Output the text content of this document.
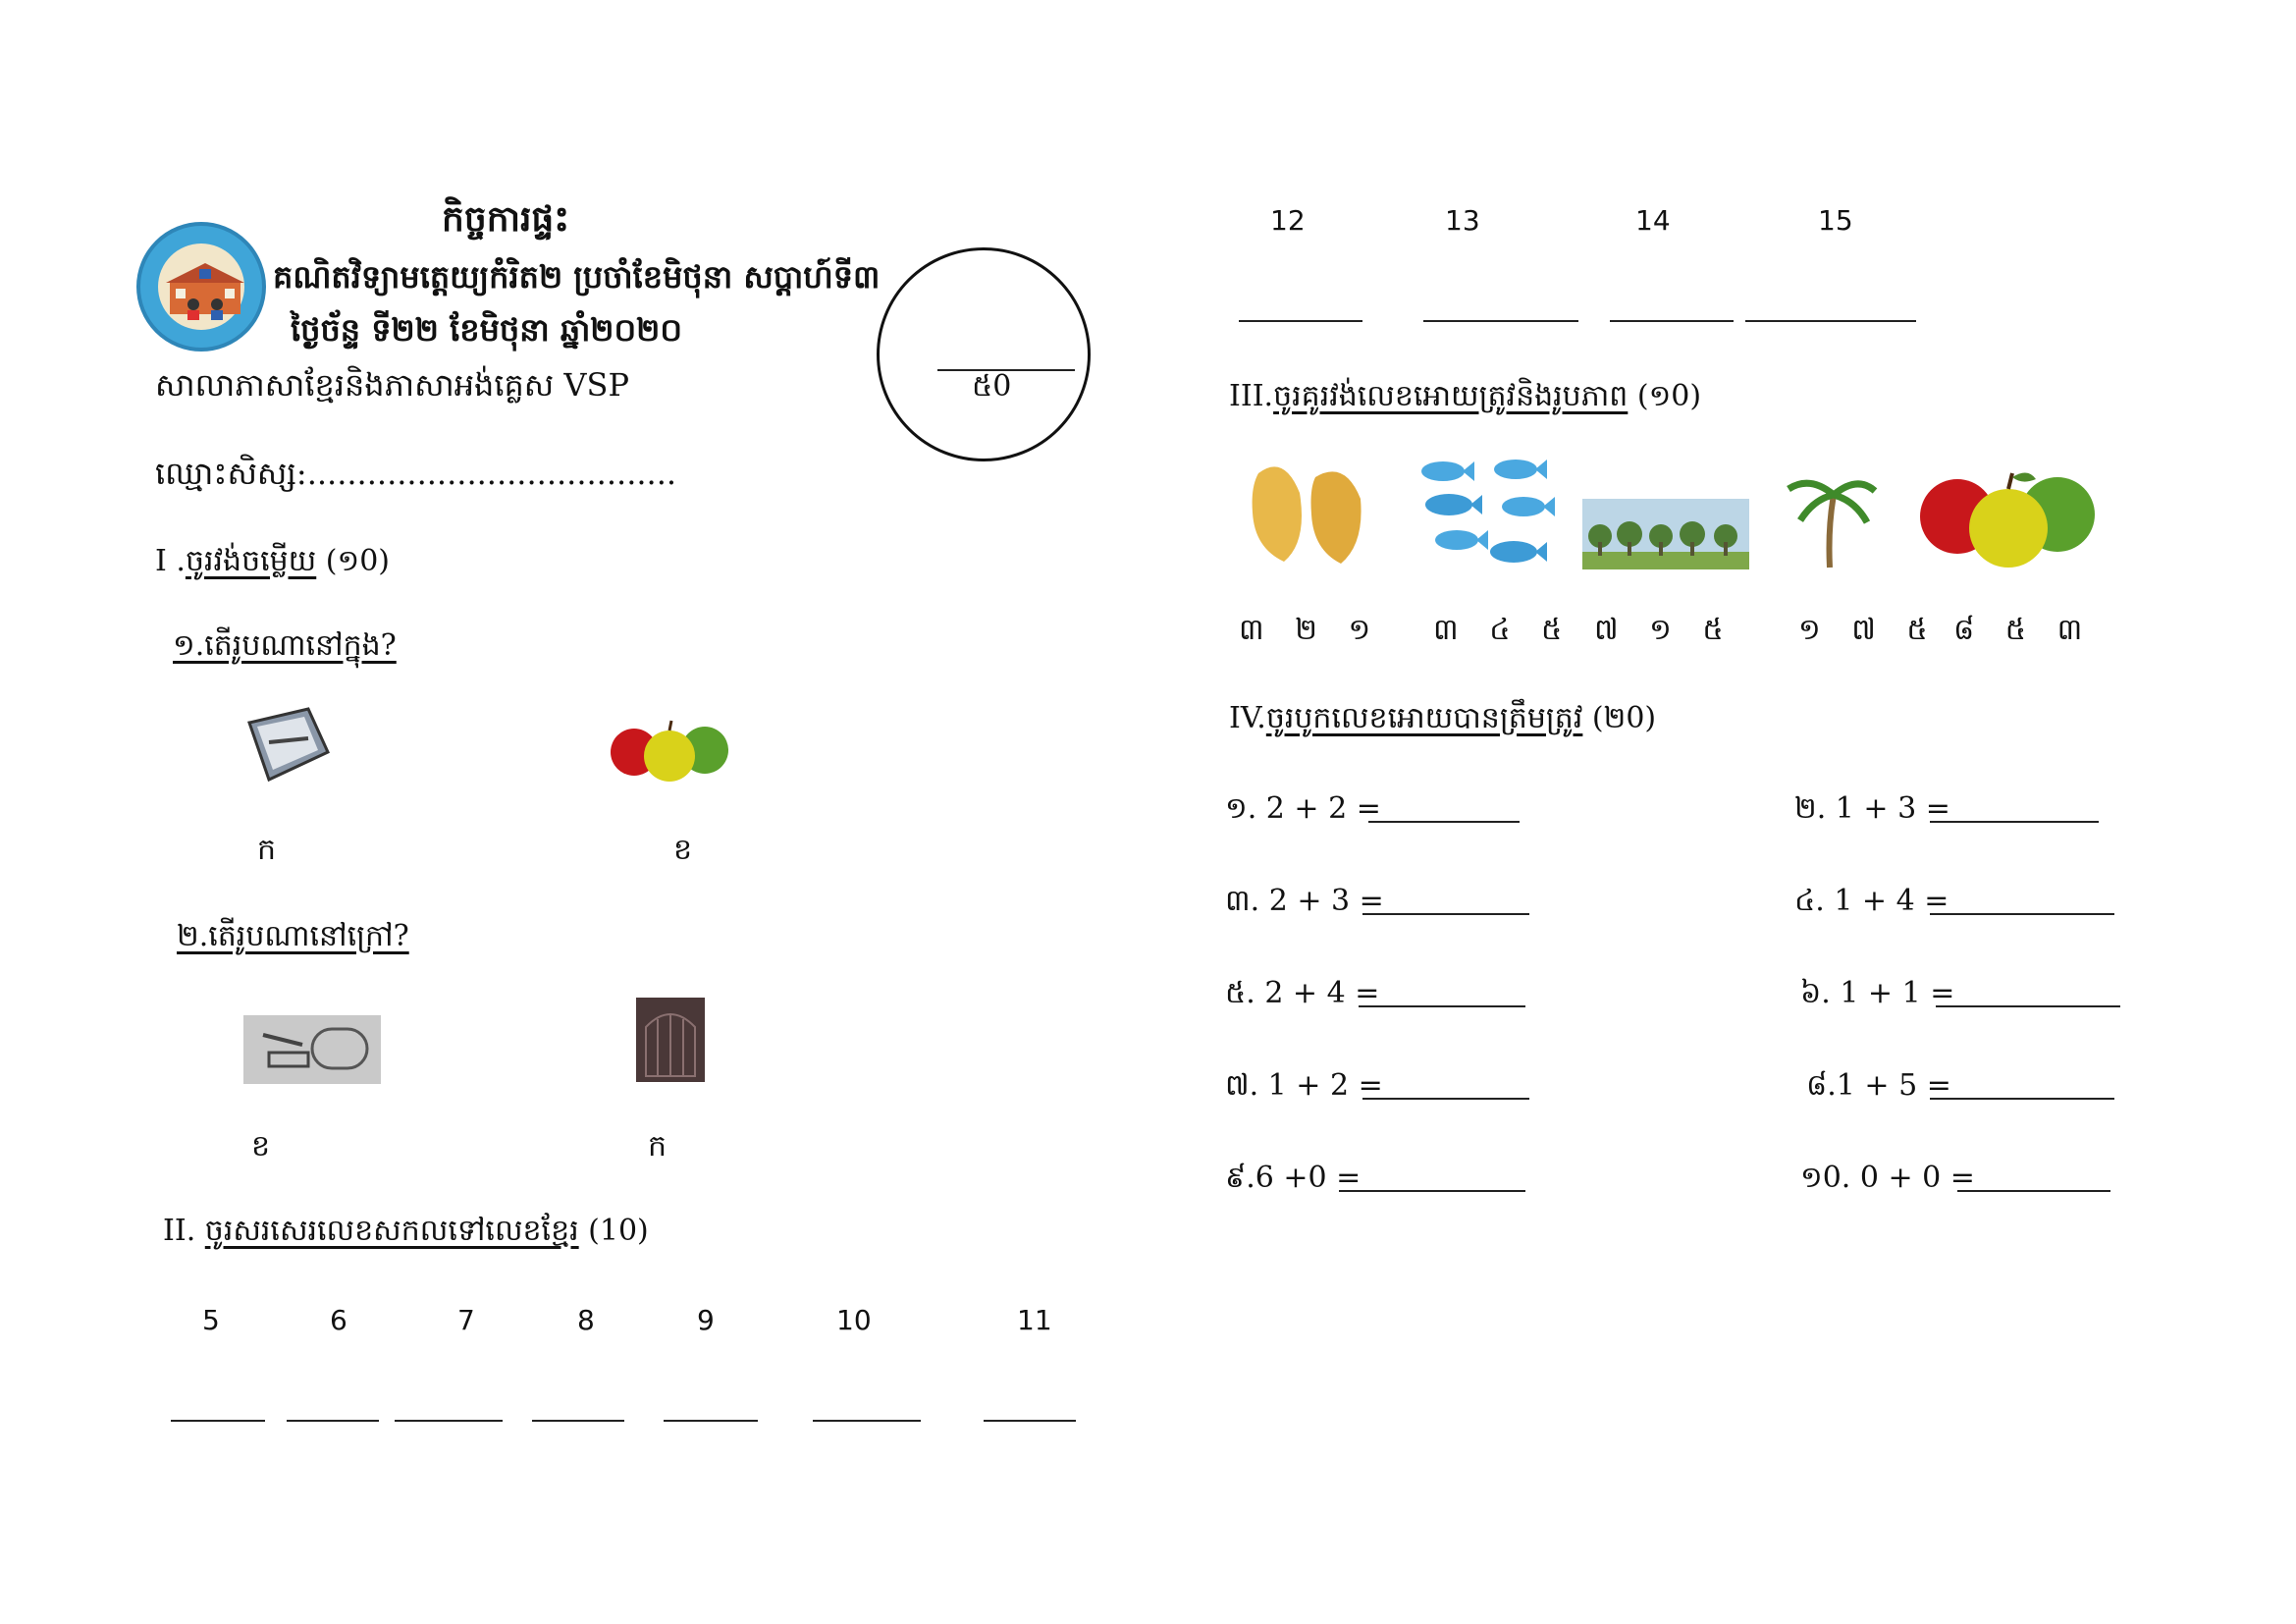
កិច្ចការផ្ទះ
គណិតវិទ្យាមត្តេយ្យកំរិត២ ប្រចាំខែមិថុនា សប្តាហ៍ទី៣
ថ្ងៃច័ន្ទ ទី២២ ខែមិថុនា ឆ្នាំ២០២០
សាលាភាសាខ្មែរនិងភាសាអង់គ្លេស VSP
ឈ្មោះសិស្ស:.....................................
៥0
I .ចូរវង់ចម្លើយ (១0)
១.តើរូបណានៅក្នុង?
ក	ខ
២.តើរូបណានៅក្រៅ?
ខ	ក
II. ចូរសរសេរលេខសកលទៅលេខខ្មែរ (10)
5	6	7	8	9	10	11
12	13	14	15
III.ចូរគូរវង់លេខអោយត្រូវនិងរូបភាព (១0)
៣ ២ ១ ៣ ៤ ៥ ៧ ១ ៥	១ ៧ ៥ ៨ ៥ ៣
IV.ចូរបូកលេខអោយបានត្រឹមត្រូវ (២0)
១. 2 + 2 =
៣. 2 + 3 =
៥. 2 + 4 =
៧. 1 + 2 =
៩.6 +0 =
២. 1 + 3 =
៤. 1 + 4 =
៦. 1 + 1 =
៨.1 + 5 =
១0. 0 + 0 =
